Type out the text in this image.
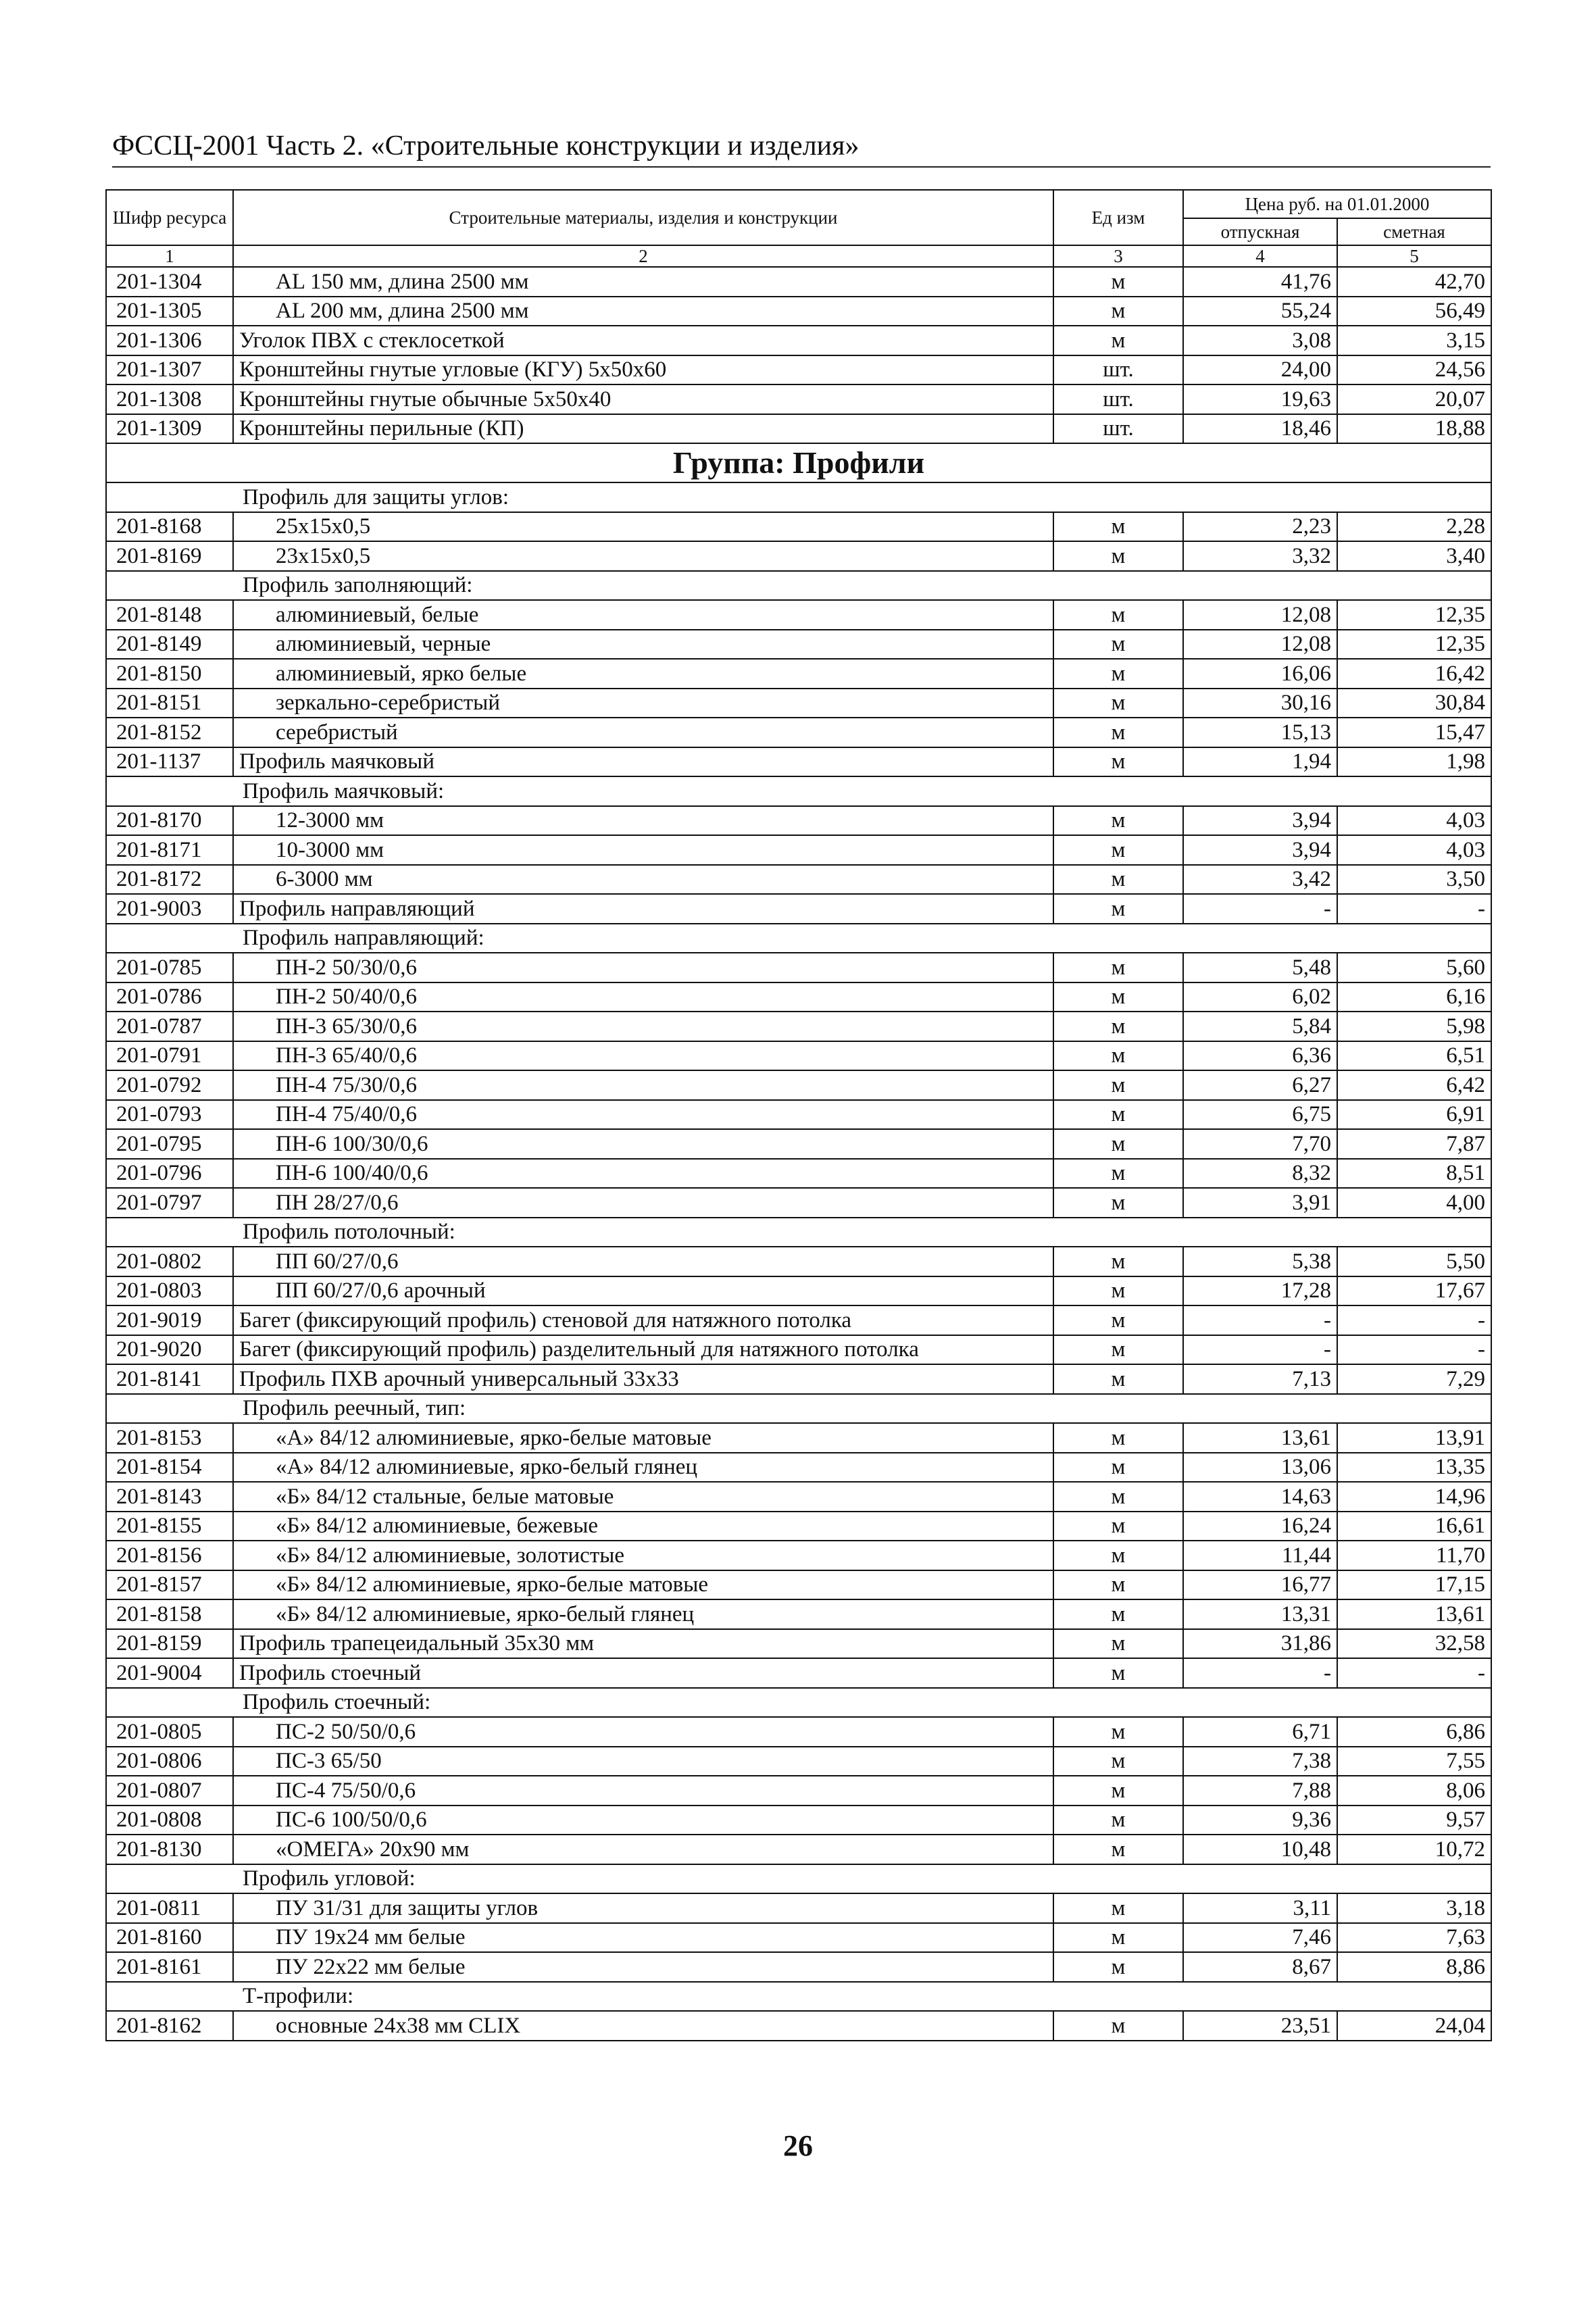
ФССЦ-2001 Часть 2. «Строительные конструкции и изделия»
Шифр ресурса	Строительные материалы, изделия и конструкции	Ед изм	Цена руб. на 01.01.2000	
			отпускная	сметная
1	2	3	4	5
201-1304	AL 150 мм, длина 2500 мм	м	41,76	42,70
201-1305	AL 200 мм, длина 2500 мм	м	55,24	56,49
201-1306	Уголок ПВХ с стеклосеткой	м	3,08	3,15
201-1307	Кронштейны гнутые угловые (КГУ) 5х50х60	шт.	24,00	24,56
201-1308	Кронштейны гнутые обычные 5х50х40	шт.	19,63	20,07
201-1309	Кронштейны перильные (КП)	шт.	18,46	18,88
Группа: Профили				
	Профиль для защиты углов:			
201-8168	25х15х0,5	м	2,23	2,28
201-8169	23х15х0,5	м	3,32	3,40
	Профиль заполняющий:			
201-8148	алюминиевый, белые	м	12,08	12,35
201-8149	алюминиевый, черные	м	12,08	12,35
201-8150	алюминиевый, ярко белые	м	16,06	16,42
201-8151	зеркально-серебристый	м	30,16	30,84
201-8152	серебристый	м	15,13	15,47
201-1137	Профиль маячковый	м	1,94	1,98
	Профиль маячковый:			
201-8170	12-3000 мм	м	3,94	4,03
201-8171	10-3000 мм	м	3,94	4,03
201-8172	6-3000 мм	м	3,42	3,50
201-9003	Профиль направляющий	м	-	-
	Профиль направляющий:			
201-0785	ПН-2 50/30/0,6	м	5,48	5,60
201-0786	ПН-2 50/40/0,6	м	6,02	6,16
201-0787	ПН-3 65/30/0,6	м	5,84	5,98
201-0791	ПН-3 65/40/0,6	м	6,36	6,51
201-0792	ПН-4 75/30/0,6	м	6,27	6,42
201-0793	ПН-4 75/40/0,6	м	6,75	6,91
201-0795	ПН-6 100/30/0,6	м	7,70	7,87
201-0796	ПН-6 100/40/0,6	м	8,32	8,51
201-0797	ПН 28/27/0,6	м	3,91	4,00
	Профиль потолочный:			
201-0802	ПП 60/27/0,6	м	5,38	5,50
201-0803	ПП 60/27/0,6 арочный	м	17,28	17,67
201-9019	Багет (фиксирующий профиль) стеновой для натяжного потолка	м	-	-
201-9020	Багет (фиксирующий профиль) разделительный для натяжного потолка	м	-	-
201-8141	Профиль ПХВ арочный универсальный 33х33	м	7,13	7,29
	Профиль реечный, тип:			
201-8153	«А» 84/12 алюминиевые, ярко-белые матовые	м	13,61	13,91
201-8154	«А» 84/12 алюминиевые, ярко-белый глянец	м	13,06	13,35
201-8143	«Б» 84/12 стальные, белые матовые	м	14,63	14,96
201-8155	«Б» 84/12 алюминиевые, бежевые	м	16,24	16,61
201-8156	«Б» 84/12 алюминиевые, золотистые	м	11,44	11,70
201-8157	«Б» 84/12 алюминиевые, ярко-белые матовые	м	16,77	17,15
201-8158	«Б» 84/12 алюминиевые, ярко-белый глянец	м	13,31	13,61
201-8159	Профиль трапецеидальный 35х30 мм	м	31,86	32,58
201-9004	Профиль стоечный	м	-	-
	Профиль стоечный:			
201-0805	ПС-2 50/50/0,6	м	6,71	6,86
201-0806	ПС-3 65/50	м	7,38	7,55
201-0807	ПС-4 75/50/0,6	м	7,88	8,06
201-0808	ПС-6 100/50/0,6	м	9,36	9,57
201-8130	«ОМЕГА» 20х90 мм	м	10,48	10,72
	Профиль угловой:			
201-0811	ПУ 31/31 для защиты углов	м	3,11	3,18
201-8160	ПУ 19х24 мм белые	м	7,46	7,63
201-8161	ПУ 22х22 мм белые	м	8,67	8,86
	Т-профили:			
201-8162	основные 24х38 мм CLIX	м	23,51	24,04
26
